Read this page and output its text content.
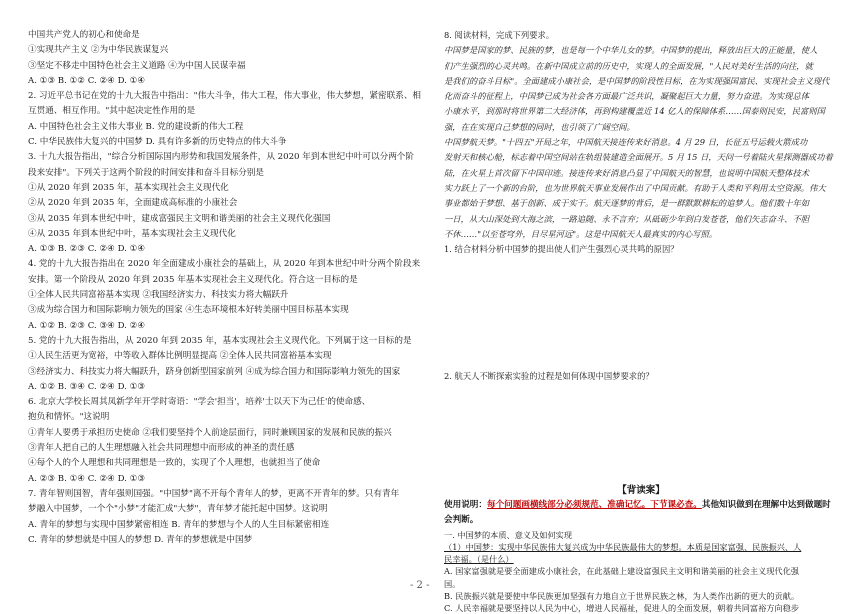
中国共产党人的初心和使命是
①实现共产主义 ②为中华民族谋复兴
③坚定不移走中国特色社会主义道路 ④为中国人民谋幸福
A. ①③ B. ①② C. ②④ D. ①④
2. 习近平总书记在党的十九大报告中指出："伟大斗争，伟大工程，伟大事业，伟大梦想，紧密联系、相
互贯通、相互作用。"其中起决定性作用的是
A. 中国特色社会主义伟大事业 B. 党的建设新的伟大工程
C. 中华民族伟大复兴的中国梦 D. 具有许多新的历史特点的伟大斗争
3. 十九大报告指出，"综合分析国际国内形势和我国发展条件，从 2020 年到本世纪中叶可以分两个阶
段来安排"。下列关于这两个阶段的时间安排和奋斗目标分别是
①从 2020 年到 2035 年，基本实现社会主义现代化
②从 2020 年到 2035 年，全面建成高标准的小康社会
③从 2035 年到本世纪中叶，建成富强民主文明和谐美丽的社会主义现代化强国
④从 2035 年到本世纪中叶，基本实现社会主义现代化
A. ①③ B. ②③ C. ②④ D. ①④
4. 党的十九大报告指出在 2020 年全面建成小康社会的基础上，从 2020 年到本世纪中叶分两个阶段来
安排。第一个阶段从 2020 年到 2035 年基本实现社会主义现代化。符合这一目标的是
①全体人民共同富裕基本实现 ②我国经济实力、科技实力将大幅跃升
③成为综合国力和国际影响力领先的国家 ④生态环境根本好转美丽中国目标基本实现
A. ①② B. ②③ C. ③④ D. ②④
5. 党的十九大报告指出，从 2020 年到 2035 年，基本实现社会主义现代化。下列属于这一目标的是
①人民生活更为宽裕，中等收入群体比例明显提高 ②全体人民共同富裕基本实现
③经济实力、科技实力将大幅跃升，跻身创新型国家前列 ④成为综合国力和国际影响力领先的国家
A. ①② B. ③④ C. ②④ D. ①③
6. 北京大学校长周其凤新学年开学时寄语："学会'担当'，培养'士以天下为己任'的使命感、
抱负和情怀。"这说明
①青年人要勇于承担历史使命 ②我们要坚持个人前途层面行，同时兼顾国家的发展和民族的振兴
③青年人把自己的人生理想融入社会共同理想中而形成的神圣的责任感
④每个人的个人理想和共同理想是一致的，实现了个人理想，也就担当了使命
A. ②③ B. ①④ C. ②④ D. ①③
7. 青年智则国智，青年强则国强。"中国梦"离不开每个青年人的梦，更离不开青年的梦。只有青年
梦融入中国梦，一个个"小梦"才能汇成"大梦"，青年梦才能托起中国梦。这说明
A. 青年的梦想与实现中国梦紧密相连 B. 青年的梦想与个人的人生目标紧密相连
C. 青年的梦想就是中国人的梦想 D. 青年的梦想就是中国梦
8. 阅读材料，完成下列要求。
中国梦是国家的梦、民族的梦，也是每一个中华儿女的梦。中国梦的提出，释放出巨大的正能量，使人
们产生强烈的心灵共鸣。在新中国成立前的历史中，实现人的全面发展，"人民对美好生活的向往，就
是我们的奋斗目标"。全面建成小康社会，是中国梦的阶段性目标，在为实现强国富民、实现社会主义现代
化而奋斗的征程上，中国梦已成为社会各方面最广泛共识，凝聚起巨大力量，努力奋进。为实现总体
小康水平，到那时将世界第二大经济体，再到构建覆盖近 14 亿人的保障体系……国泰则民安，民富则国
强，在在实现自己梦想的同时，也引领了广阔空间。
中国梦航天梦。"十四五"开局之年，中国航天接连传来好消息。4 月 29 日，长征五号运载火箭成功
发射天和核心舱，标志着中国空间站在轨组装建造全面展开。5 月 15 日，天问一号着陆火星探测器成功着
陆，在火星上首次留下中国印迹。接连传来好消息凸显了中国航天的智慧，也说明中国航天整体技术
实力跃上了一个新的台阶，也为世界航天事业发展作出了中国贡献。有助于人类和平利用太空资源。伟大
事业都始于梦想、基于创新、成于实干。航天逐梦的背后，是一群默默耕耘的追梦人。他们数十年如
一日，从大山深处到大海之滨，一路追随、永不言弃；从砥砺少年到白发苍苍，他们矢志奋斗、不胆
不休……"以至苍穹外，目尽星河远"。这是中国航天人最真实的内心写照。
1. 结合材料分析中国梦的提出使人们产生强烈心灵共鸣的原因？
2. 航天人不断探索实验的过程是如何体现中国梦要求的？
【背读案】
使用说明：每个问题画横线部分必须规范、准确记忆。下节课必查。其他知识做到在理解中达到做题时会判断。
一. 中国梦的本质、意义及如何实现
（1）中国梦：实现中华民族伟大复兴成为中华民族最伟大的梦想。本质是国家富强、民族振兴、人
民幸福。（是什么）
A. 国家富强就是要全面建成小康社会，在此基础上建设富强民主文明和谐美丽的社会主义现代化强
国。
B. 民族振兴就是要使中华民族更加坚强有力地自立于世界民族之林，为人类作出新的更大的贡献。
C. 人民幸福就是要坚持以人民为中心，增进人民福祉，促进人的全面发展，朝着共同富裕方向稳步
- 2 -
